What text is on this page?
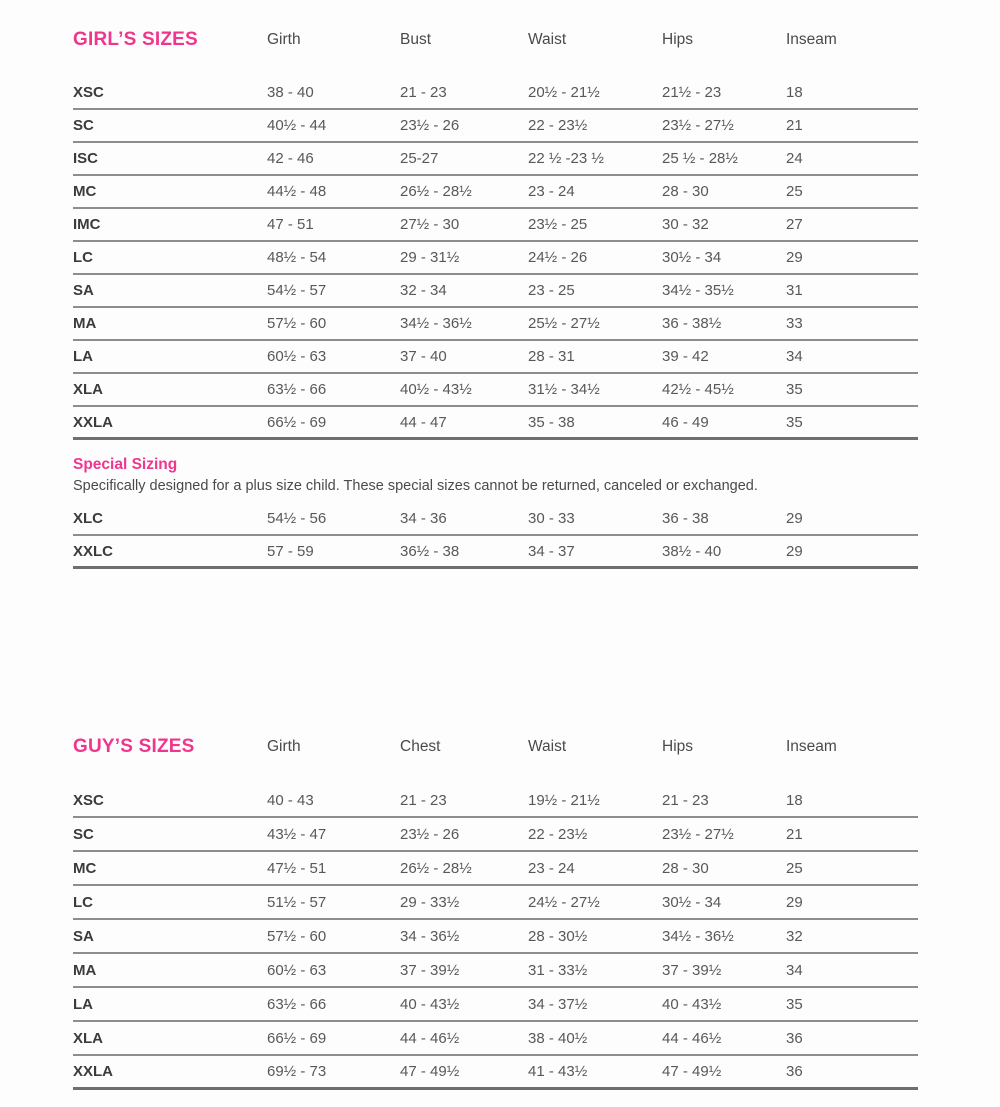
GIRL’S SIZES	Girth	Bust	Waist	Hips	Inseam
XSC	38 - 40	21 - 23	20½ - 21½	21½ - 23	18
SC	40½ - 44	23½ - 26	22 - 23½	23½ - 27½	21
ISC	42 - 46	25-27	22 ½ -23 ½	25 ½ - 28½	24
MC	44½ - 48	26½ - 28½	23 - 24	28 - 30	25
IMC	47 - 51	27½ - 30	23½ - 25	30 - 32	27
LC	48½ - 54	29 - 31½	24½ - 26	30½ - 34	29
SA	54½ - 57	32 - 34	23 - 25	34½ - 35½	31
MA	57½ - 60	34½ - 36½	25½ - 27½	36 - 38½	33
LA	60½ - 63	37 - 40	28 - 31	39 - 42	34
XLA	63½ - 66	40½ - 43½	31½ - 34½	42½ - 45½	35
XXLA	66½ - 69	44 - 47	35 - 38	46 - 49	35
Special Sizing

Specifically designed for a plus size child. These special sizes cannot be returned, canceled or exchanged.

XLC	54½ - 56	34 - 36	30 - 33	36 - 38	29
XXLC	57 - 59	36½ - 38	34 - 37	38½ - 40	29
GUY’S SIZES	Girth	Chest	Waist	Hips	Inseam
XSC	40 - 43	21 - 23	19½ - 21½	21 - 23	18
SC	43½ - 47	23½ - 26	22 - 23½	23½ - 27½	21
MC	47½ - 51	26½ - 28½	23 - 24	28 - 30	25
LC	51½ - 57	29 - 33½	24½ - 27½	30½ - 34	29
SA	57½ - 60	34 - 36½	28 - 30½	34½ - 36½	32
MA	60½ - 63	37 - 39½	31 - 33½	37 - 39½	34
LA	63½ - 66	40 - 43½	34 - 37½	40 - 43½	35
XLA	66½ - 69	44 - 46½	38 - 40½	44 - 46½	36
XXLA	69½ - 73	47 - 49½	41 - 43½	47 - 49½	36
